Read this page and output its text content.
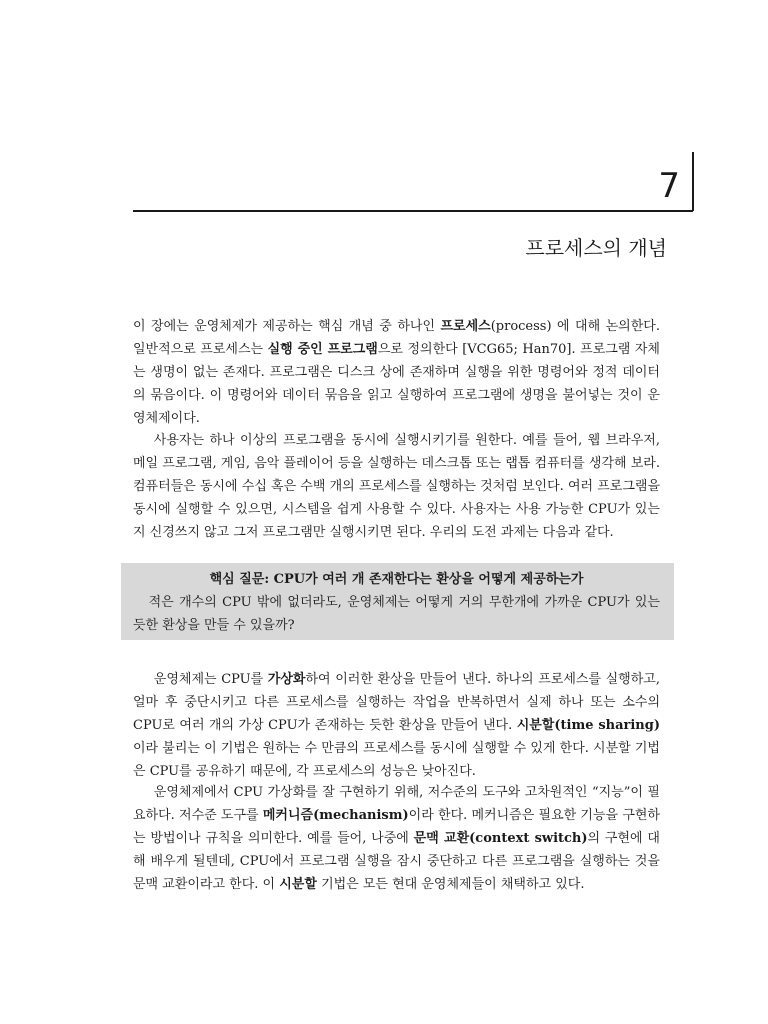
7
프로세스의 개념

이 장에는 운영체제가 제공하는 핵심 개념 중 하나인 프로세스(process) 에 대해 논의한다. 일반적으로 프로세스는 실행 중인 프로그램으로 정의한다 [VCG65; Han70]. 프로그램 자체는 생명이 없는 존재다. 프로그램은 디스크 상에 존재하며 실행을 위한 명령어와 정적 데이터의 묶음이다. 이 명령어와 데이터 묶음을 읽고 실행하여 프로그램에 생명을 불어넣는 것이 운영체제이다.

사용자는 하나 이상의 프로그램을 동시에 실행시키기를 원한다. 예를 들어, 웹 브라우저, 메일 프로그램, 게임, 음악 플레이어 등을 실행하는 데스크톱 또는 랩톱 컴퓨터를 생각해 보라. 컴퓨터들은 동시에 수십 혹은 수백 개의 프로세스를 실행하는 것처럼 보인다. 여러 프로그램을 동시에 실행할 수 있으면, 시스템을 쉽게 사용할 수 있다. 사용자는 사용 가능한 CPU가 있는지 신경쓰지 않고 그저 프로그램만 실행시키면 된다. 우리의 도전 과제는 다음과 같다.

핵심 질문: CPU가 여러 개 존재한다는 환상을 어떻게 제공하는가

적은 개수의 CPU 밖에 없더라도, 운영체제는 어떻게 거의 무한개에 가까운 CPU가 있는 듯한 환상을 만들 수 있을까?

운영체제는 CPU를 가상화하여 이러한 환상을 만들어 낸다. 하나의 프로세스를 실행하고, 얼마 후 중단시키고 다른 프로세스를 실행하는 작업을 반복하면서 실제 하나 또는 소수의 CPU로 여러 개의 가상 CPU가 존재하는 듯한 환상을 만들어 낸다. 시분할(time sharing)이라 불리는 이 기법은 원하는 수 만큼의 프로세스를 동시에 실행할 수 있게 한다. 시분할 기법은 CPU를 공유하기 때문에, 각 프로세스의 성능은 낮아진다.

운영체제에서 CPU 가상화를 잘 구현하기 위해, 저수준의 도구와 고차원적인 “지능”이 필요하다. 저수준 도구를 메커니즘(mechanism)이라 한다. 메커니즘은 필요한 기능을 구현하는 방법이나 규칙을 의미한다. 예를 들어, 나중에 문맥 교환(context switch)의 구현에 대해 배우게 될텐데, CPU에서 프로그램 실행을 잠시 중단하고 다른 프로그램을 실행하는 것을 문맥 교환이라고 한다. 이 시분할 기법은 모든 현대 운영체제들이 채택하고 있다.
